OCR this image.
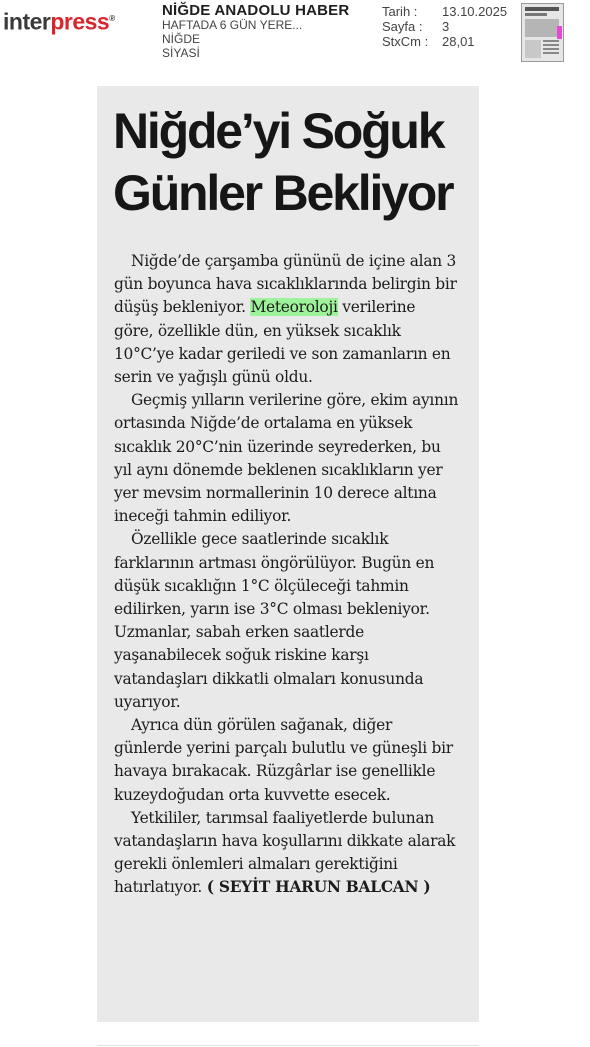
interpress®	NİĞDE ANADOLU HABER
HAFTADA 6 GÜN YERE...
NİĞDE
SİYASİ
Tarih :	13.10.2025
Sayfa :	3
StxCm :	28,01
Niğde’yi Soğuk
Günler Bekliyor

Niğde’de çarşamba gününü de içine alan 3 gün boyunca hava sıcaklıklarında belirgin bir düşüş bekleniyor. Meteoroloji verilerine göre, özellikle dün, en yüksek sıcaklık 10°C’ye kadar geriledi ve son zamanların en serin ve yağışlı günü oldu.

Geçmiş yılların verilerine göre, ekim ayının ortasında Niğde’de ortalama en yüksek sıcaklık 20°C’nin üzerinde seyrederken, bu yıl aynı dönemde beklenen sıcaklıkların yer yer mevsim normallerinin 10 derece altına ineceği tahmin ediliyor.

Özellikle gece saatlerinde sıcaklık farklarının artması öngörülüyor. Bugün en düşük sıcaklığın 1°C ölçüleceği tahmin edilirken, yarın ise 3°C olması bekleniyor. Uzmanlar, sabah erken saatlerde yaşanabilecek soğuk riskine karşı vatandaşları dikkatli olmaları konusunda uyarıyor.

Ayrıca dün görülen sağanak, diğer günlerde yerini parçalı bulutlu ve güneşli bir havaya bırakacak. Rüzgârlar ise genellikle kuzeydoğudan orta kuvvette esecek.

Yetkililer, tarımsal faaliyetlerde bulunan vatandaşların hava koşullarını dikkate alarak gerekli önlemleri almaları gerektiğini hatırlatıyor. ( SEYİT HARUN BALCAN )
